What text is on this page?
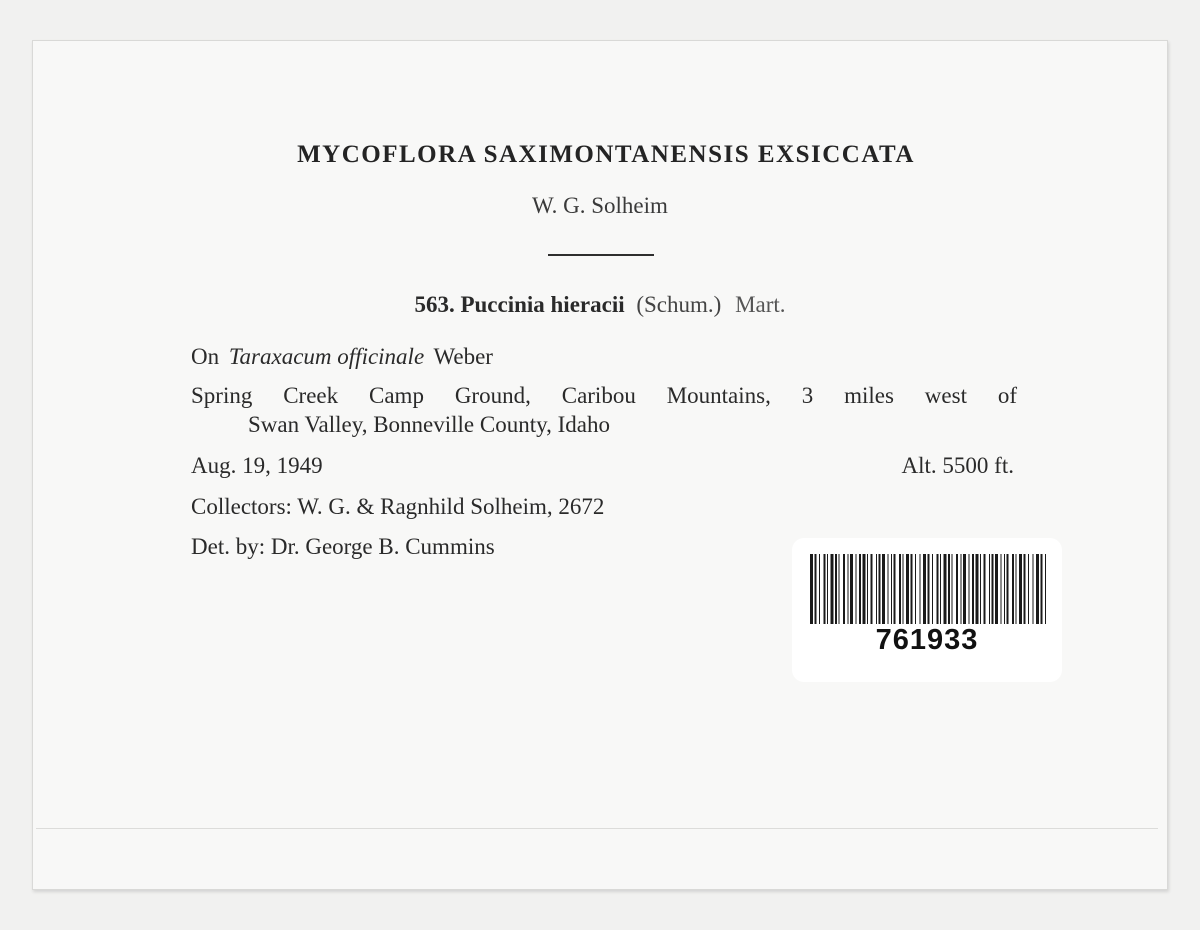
MYCOFLORA SAXIMONTANENSIS EXSICCATA
W. G. Solheim
563. Puccinia hieracii (Schum.) Mart.
On Taraxacum officinale Weber
Spring Creek Camp Ground, Caribou Mountains, 3 miles west of
Swan Valley, Bonneville County, Idaho
Aug. 19, 1949	Alt. 5500 ft.
Collectors: W. G. & Ragnhild Solheim, 2672
Det. by: Dr. George B. Cummins
761933
